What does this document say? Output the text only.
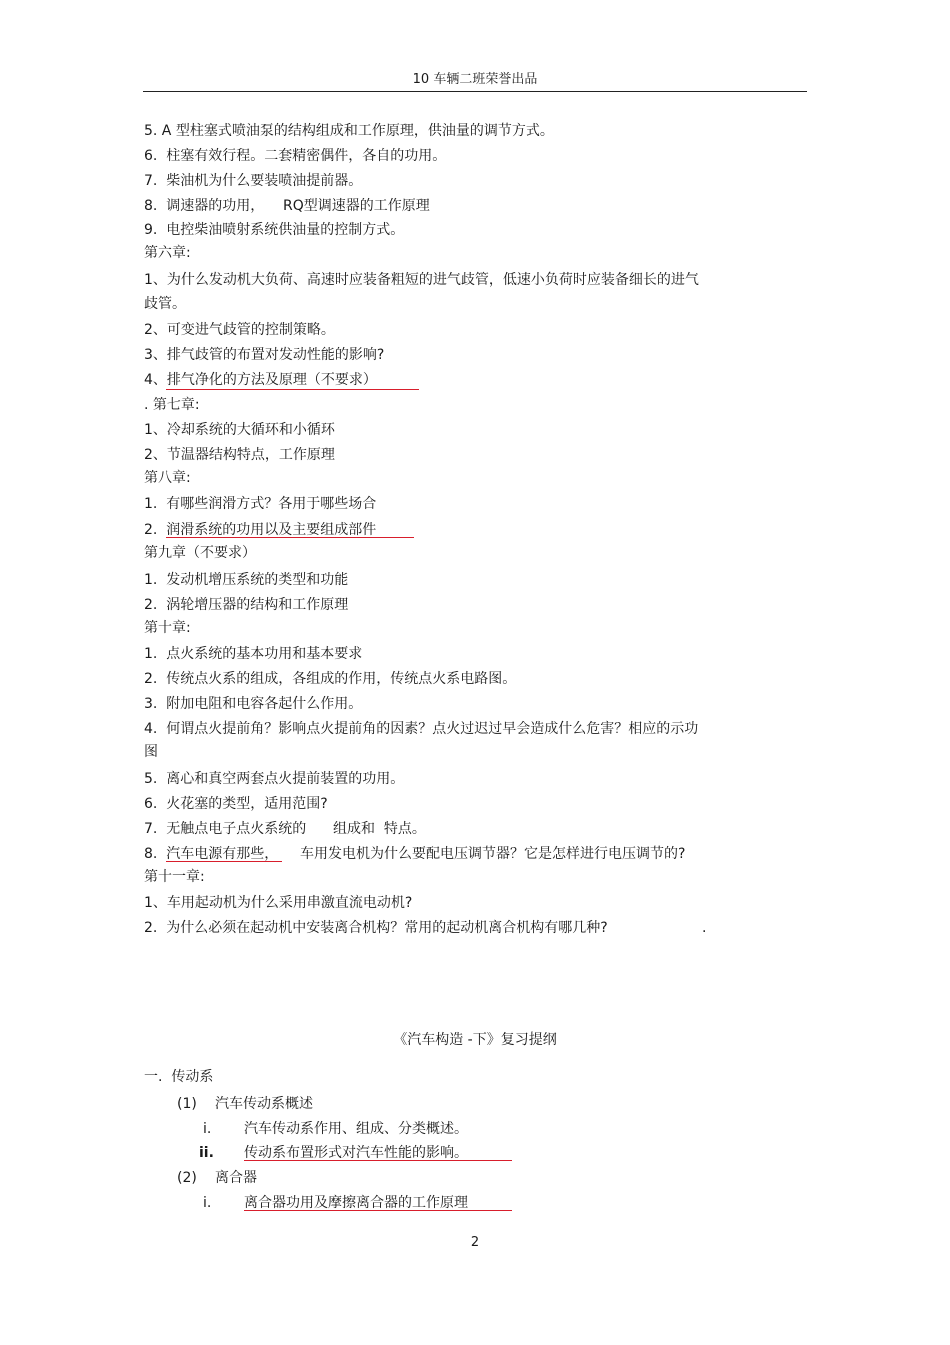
10 车辆二班荣誉出品
5. A 型柱塞式喷油泵的结构组成和工作原理，供油量的调节方式。
6.  柱塞有效行程。二套精密偶件，各自的功用。
7.  柴油机为什么要装喷油提前器。
8.  调速器的功用， RQ型调速器的工作原理
9.  电控柴油喷射系统供油量的控制方式。
第六章:
1、为什么发动机大负荷、高速时应装备粗短的进气歧管，低速小负荷时应装备细长的进气
歧管。
2、可变进气歧管的控制策略。
3、排气歧管的布置对发动性能的影响?
4、排气净化的方法及原理（不要求）
. 第七章:
1、冷却系统的大循环和小循环
2、节温器结构特点，工作原理
第八章:
1.  有哪些润滑方式？各用于哪些场合
2.  润滑系统的功用以及主要组成部件
第九章（不要求）
1.  发动机增压系统的类型和功能
2.  涡轮增压器的结构和工作原理
第十章:
1.  点火系统的基本功用和基本要求
2.  传统点火系的组成，各组成的作用，传统点火系电路图。
3.  附加电阻和电容各起什么作用。
4.  何谓点火提前角？影响点火提前角的因素？点火过迟过早会造成什么危害？相应的示功
图
5.  离心和真空两套点火提前装置的功用。
6.  火花塞的类型，适用范围?
7.  无触点电子点火系统的 组成和  特点。
8.  汽车电源有那些， 车用发电机为什么要配电压调节器？它是怎样进行电压调节的?
第十一章:
1、车用起动机为什么采用串激直流电动机?
2.  为什么必须在起动机中安装离合机构？常用的起动机离合机构有哪几种?	.
《汽车构造 -下》复习提纲
一.  传动系
(1) 汽车传动系概述
i. 汽车传动系作用、组成、分类概述。
ii. 传动系布置形式对汽车性能的影响。
(2) 离合器
i. 离合器功用及摩擦离合器的工作原理
2
